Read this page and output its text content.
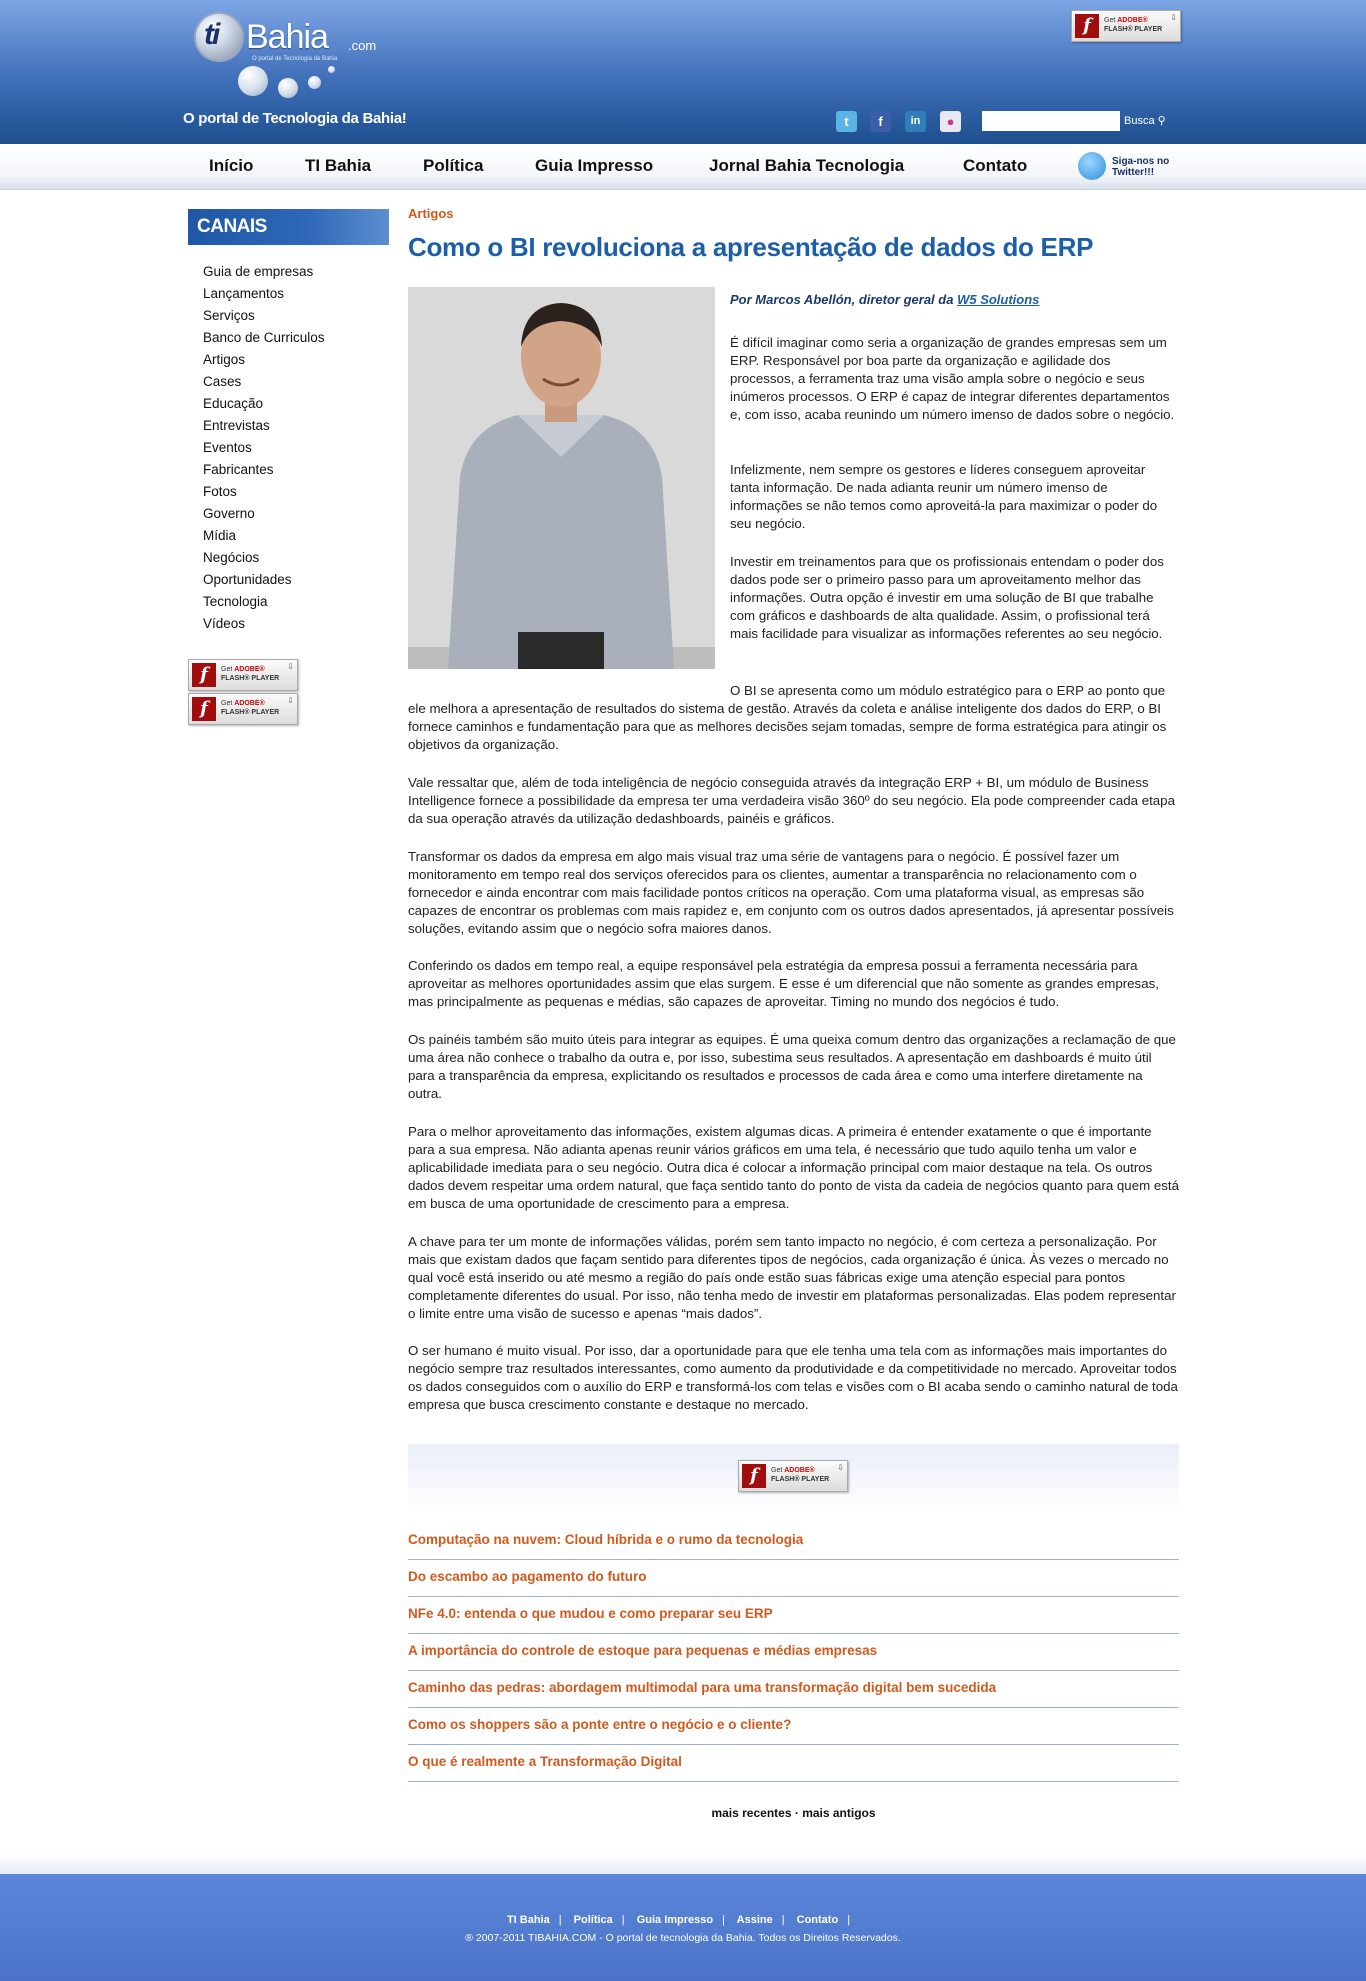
ti Bahia .com
O portal de Tecnologia da Bahia
O portal de Tecnologia da Bahia!
f	Get ADOBE®
FLASH® PLAYER
⇩
t	f	in	●	Busca ⚲
Início	TI Bahia	Política	Guia Impresso	Jornal Bahia Tecnologia	Contato	Siga-nos no Twitter!!!
CANAIS
Guia de empresas
Lançamentos
Serviços
Banco de Curriculos
Artigos
Cases
Educação
Entrevistas
Eventos
Fabricantes
Fotos
Governo
Mídia
Negócios
Oportunidades
Tecnologia
Vídeos
f	Get ADOBE®
FLASH® PLAYER
⇩
f	Get ADOBE®
FLASH® PLAYER
⇩
Artigos
Como o BI revoluciona a apresentação de dados do ERP
Por Marcos Abellón, diretor geral da W5 Solutions
É difícil imaginar como seria a organização de grandes empresas sem um ERP. Responsável por boa parte da organização e agilidade dos processos, a ferramenta traz uma visão ampla sobre o negócio e seus inúmeros processos. O ERP é capaz de integrar diferentes departamentos e, com isso, acaba reunindo um número imenso de dados sobre o negócio.
Infelizmente, nem sempre os gestores e líderes conseguem aproveitar tanta informação. De nada adianta reunir um número imenso de informações se não temos como aproveitá-la para maximizar o poder do seu negócio.
Investir em treinamentos para que os profissionais entendam o poder dos dados pode ser o primeiro passo para um aproveitamento melhor das informações. Outra opção é investir em uma solução de BI que trabalhe com gráficos e dashboards de alta qualidade. Assim, o profissional terá mais facilidade para visualizar as informações referentes ao seu negócio.
O BI se apresenta como um módulo estratégico para o ERP ao ponto que ele melhora a apresentação de resultados do sistema de gestão. Através da coleta e análise inteligente dos dados do ERP, o BI fornece caminhos e fundamentação para que as melhores decisões sejam tomadas, sempre de forma estratégica para atingir os objetivos da organização.
Vale ressaltar que, além de toda inteligência de negócio conseguida através da integração ERP + BI, um módulo de Business Intelligence fornece a possibilidade da empresa ter uma verdadeira visão 360º do seu negócio. Ela pode compreender cada etapa da sua operação através da utilização dedashboards, painéis e gráficos.
Transformar os dados da empresa em algo mais visual traz uma série de vantagens para o negócio. É possível fazer um monitoramento em tempo real dos serviços oferecidos para os clientes, aumentar a transparência no relacionamento com o fornecedor e ainda encontrar com mais facilidade pontos críticos na operação. Com uma plataforma visual, as empresas são capazes de encontrar os problemas com mais rapidez e, em conjunto com os outros dados apresentados, já apresentar possíveis soluções, evitando assim que o negócio sofra maiores danos.
Conferindo os dados em tempo real, a equipe responsável pela estratégia da empresa possui a ferramenta necessária para aproveitar as melhores oportunidades assim que elas surgem. E esse é um diferencial que não somente as grandes empresas, mas principalmente as pequenas e médias, são capazes de aproveitar. Timing no mundo dos negócios é tudo.
Os painéis também são muito úteis para integrar as equipes. É uma queixa comum dentro das organizações a reclamação de que uma área não conhece o trabalho da outra e, por isso, subestima seus resultados. A apresentação em dashboards é muito útil para a transparência da empresa, explicitando os resultados e processos de cada área e como uma interfere diretamente na outra.
Para o melhor aproveitamento das informações, existem algumas dicas. A primeira é entender exatamente o que é importante para a sua empresa. Não adianta apenas reunir vários gráficos em uma tela, é necessário que tudo aquilo tenha um valor e aplicabilidade imediata para o seu negócio. Outra dica é colocar a informação principal com maior destaque na tela. Os outros dados devem respeitar uma ordem natural, que faça sentido tanto do ponto de vista da cadeia de negócios quanto para quem está em busca de uma oportunidade de crescimento para a empresa.
A chave para ter um monte de informações válidas, porém sem tanto impacto no negócio, é com certeza a personalização. Por mais que existam dados que façam sentido para diferentes tipos de negócios, cada organização é única. Às vezes o mercado no qual você está inserido ou até mesmo a região do país onde estão suas fábricas exige uma atenção especial para pontos completamente diferentes do usual. Por isso, não tenha medo de investir em plataformas personalizadas. Elas podem representar o limite entre uma visão de sucesso e apenas “mais dados”.
O ser humano é muito visual. Por isso, dar a oportunidade para que ele tenha uma tela com as informações mais importantes do negócio sempre traz resultados interessantes, como aumento da produtividade e da competitividade no mercado. Aproveitar todos os dados conseguidos com o auxílio do ERP e transformá-los com telas e visões com o BI acaba sendo o caminho natural de toda empresa que busca crescimento constante e destaque no mercado.
f	Get ADOBE®
FLASH® PLAYER
⇩
Computação na nuvem: Cloud híbrida e o rumo da tecnologia
Do escambo ao pagamento do futuro
NFe 4.0: entenda o que mudou e como preparar seu ERP
A importância do controle de estoque para pequenas e médias empresas
Caminho das pedras: abordagem multimodal para uma transformação digital bem sucedida
Como os shoppers são a ponte entre o negócio e o cliente?
O que é realmente a Transformação Digital
mais recentes · mais antigos
TI Bahia | Política | Guia Impresso | Assine | Contato |
® 2007-2011 TIBAHIA.COM - O portal de tecnologia da Bahia. Todos os Direitos Reservados.
